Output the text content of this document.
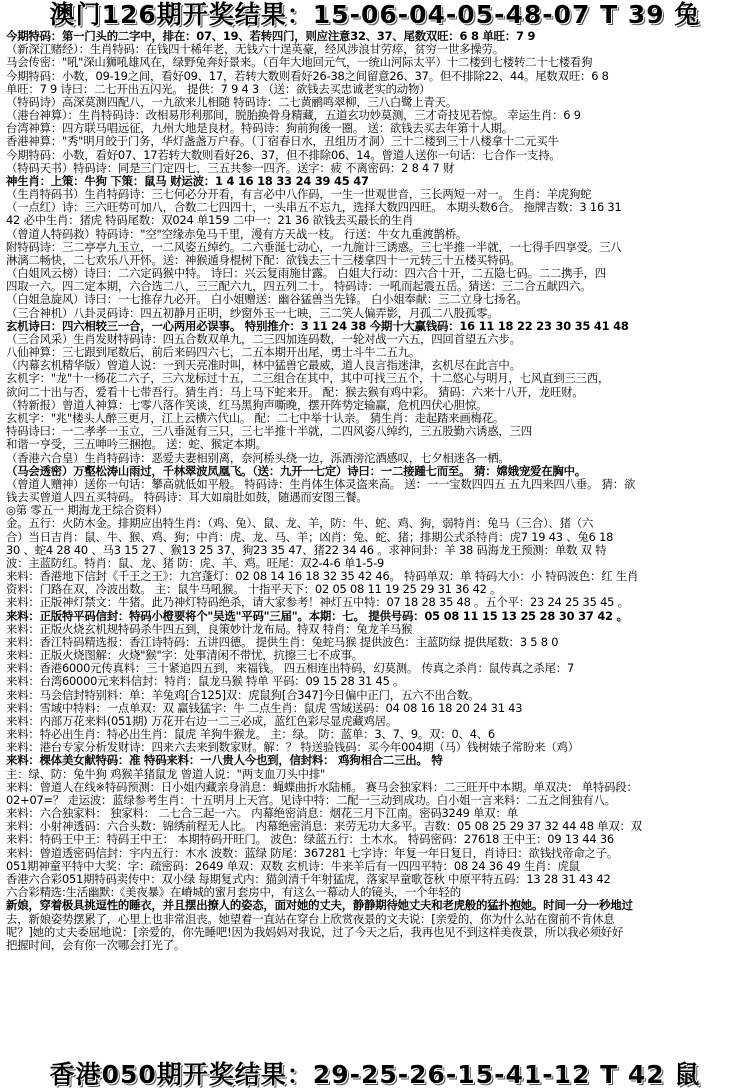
澳门126期开奖结果：15-06-04-05-48-07 T 39 兔
今期特码：第一门头的二字中，排在：07、19、若转四门，则应注意32、37、尾数双旺：6 8 单旺：7 9
（新深江赌经）：生肖特码：在钱四十稀年老，无钱六十逞英豪，经风涉浪甘劳瘁，贫穷一世多操劳。
马会传密："吼"深山狮吼雄风在，绿野兔奔好景来。（百年大地回元气，一统山河际太平）十二楼到七楼转二十七楼看狗
今期特码：小数，09-19之间，看好09、17，若转大数则看好26-38之间留意26、37。但不排除22、44。尾数双旺：6 8
单旺：7 9 诗曰：二七开出五闪光。 提供：7 9 4 3 （送：欲钱去买忠诚老实的动物）
（特码诗）高深莫测四配八，一九欲来儿相随 特码诗：二七黄鹂鸣翠柳，三八白鹭上青天。
（港台神算）：生肖特码诗：改相易形利那间，脱胎换骨身精藏，五道玄功妙莫测，三才奇技见若惊。 幸运生肖：6 9
台湾神算：四方联马唱远征，九州大地是良材。特码诗：狗前狗後一圈。 送：欲钱去买去年第十人期。
香港神算："秀"明月皎于门务，华灯盏盏万户春。（丁宿春日水，丑组历才洞）三十二楼到三十八楼拿十二元买牛
今期特码：小数，看好07、17若转大数则看好26、37，但不排除06、14。曾道人送你一句话：七合作一支持。
（特码天书）特码诗：同是三门定四七，三五共参一四齐。送字：疲 不离密码：2 8 4 7 财
神生肖：上策：牛狗 下策：鼠马 财运波：1 4 16 18 33 24 39 45 47
（生肖特码书）生肖特码诗：三七何必分开看，有言必中八作码，一生一世观世音，三长两短一对一。 生肖：羊虎狗蛇
（一点红）诗：三六旺势可加八，合数二七四四十，一头串五不忘九，选择大数四四旺。 本期头数6合。 拖牌吉数：3 16 31
42 必中生肖：猪虎 特码尾数：双024 单159 二中一：21 36 欲钱去买最长的生肖
（曾道人特码救）特码诗："空"空缘赤兔马千里，漫有方天战一枝。 行送：牛女九重渡鹊桥。
附特码诗：三二亭亭九玉立，一二风姿五绰约。二六垂涎七动心，一九施计三诱惑。三七半推一半就，一七得手四享受。三八
淋漓二畅快，二七欢乐八开怀。送：神猴遁身棍树下配：欲钱去三十三楼拿四十一元转三十五楼买特码。
（白姐风云榜）诗曰：二六定码猴中特。 诗曰：兴云复雨施甘露。 白姐大行动：四六合十开，二五隐七码。二二携手，四
四取一六。四二定本期，六合选二八，三三配六九，四五列二十。 特码诗：一吼而起震五岳。猜送：三二合五献四六。
（白姐急旋风）诗曰：一七推存九必开。 白小姐赠送：幽谷猛兽当先锋。 白小姐奉献：三二立身七扬名。
（三合神机）八卦灵码诗：四五初静月正明，纱窗外玉一七映，三二笑人偏弄影，月孤二八股孤零。
玄机诗曰：四六相较三一合，一心两用必误事。 特别推介：3 11 24 38 今期十大赢钱码：16 11 18 22 23 30 35 41 48
（三合风采）生肖发财特码诗：四五合数双单九，二三四加连码数，一轮对战一六五，四回首望五六步。
八仙神算：三七跟到尾数后，前后来码四六七，二五本期开出尾，勇士斗牛二五九。
（内幕玄机精华版）曾道人说：一到天亮准时叫，林中猛兽它最威，道人良言指迷津，玄机尽在此言中。
玄机字："龙"十一杨花二六子，三六龙标过十五，二三组合在其中，其中可找三五个，十二悠心与明月，七风直到三三西，
欲问二十出与否，爱看十七带吾行。猜生肖：马上马下蛇来开。 配：猴去猴有鸡中彩。 猜码：六来十八开，龙旺财。
（特新报）曾道人神算：七零八落作笑谈，红马黑狗声嘶晚，摆开阵势定输赢，危机四伏心胆惊。
玄机字："兆"楼头人醉三更月，江上云横六代山。 配：二七中举十认亲。 猜生肖：走起踏来画梅花。
特码诗曰：一二孝孝一玉立，三八垂涎有三只，三七半推十半就，二四风姿八绰约，三五股勤六诱惑，三四
和谐一亨受，三五呻吟三捆抱。 送：蛇、猴定本期。
（香港六合皇）生肖特码诗：恶爱夫妻相别离，奈河桥头绕一边，泺酒滂沱酒感叹，七夕相迷各一栖。
（马会透密）万壑松涛山雨过，千林翠波凤凰飞。（送：九开一七定）诗曰：一二接踵七而至。 猜：嫦娥宠爱在胸中。
（曾道人赠神）送你一句话：攀高就低如平般。 特码诗：生肖体生体灵盗来高。 送：一一宝数四四五 五九四来四八垂。 猜：欲
钱去买曾道人四五买特码。 特码诗：耳大如扇肚如鼓，随遇而安图三餐。
◎第 零五一 期海龙王综合资料）
金。五行：火防木金。排期应出特生肖：（鸡、兔）、鼠、龙、羊，防：牛、蛇、鸡、狗，弱特肖：兔马（三合）、猪（六
合）当日吉肖：鼠、牛、猴、鸡、狗；中肖：虎、龙、马、羊；凶肖：兔、蛇、猪；排期公式杀特肖：虎7 19 43 、兔6 18
30 、蛇4 28 40 、马3 15 27 、猴13 25 37、狗23 35 47、猪22 34 46 。求神问卦：羊 38 码海龙王预测：单数 双 特
波：主蓝防红。特肖：鼠、龙、猪 防：虎、羊、鸡。旺尾：双2-4-6 单1-5-9
来料：香港地下信封《千王之王》：九宫蓬灯：02 08 14 16 18 32 35 42 46。 特码单双：单 特码大小：小 特码波色：红 生肖
资料：门路在双，冷波出数。 主：鼠牛马吼猴。 十指平天下：02 05 08 11 19 25 29 31 36 42 。
来料：正版神灯禁文：牛猪。此乃神灯特码绝杀，请大家参考！神灯五中特：07 18 28 35 48 。五个平：23 24 25 35 45 。
来料：正版特平码信封：特码小橙要将个"吴选"平码"三届"。本期：七。 提供号码：05 08 11 15 13 25 28 30 37 42 。
来料：正版火烧玄机规特码杀牛四五到，良策妙计龙布局。特双 特肖：兔龙羊马猴
来料：香江特码精选报：香江诗特码：五讲四德。 提供生肖：兔蛇马猴 提供波色：主蓝防绿 提供尾数：3 5 8 0
来料：正版火烧图解：火烧"猴"字：处事清闲不带忧，抗擦三七不成事。
来料：香港6000元传真料：三十紧追四五到，来福钱。 四五相连出特码，幻莫测。 传真之杀肖：鼠传真之杀尾：7
来料：台湾60000元来料信封：特肖：鼠龙马猴 特单 平码：09 15 28 31 45 。
来料：马会信封特别料：单：羊兔鸡[合125]双：虎鼠狗[合347]今日偏中正门，五六不出合数。
来料：雪域中特料：一点单双：双 赢钱猛字：牛 二点生肖：鼠虎 雪域送码：04 08 16 18 20 24 31 43
来料：内部万花来料(051期) 万花开右边一二三必成，蓝红色彩尽显虎藏鸡居。
来料：特必出生肖：特必出生肖：鼠虎 羊狗牛猴龙。 主：绿。 防：蓝单：3、7、9。双：0、4、6
来料：港台专家分析发财诗：四来六去来到数家财。解：？ 特送验钱码：买今年004期（马）钱树婊子常盼来（鸡）
来料：棵体美女献特码：准 特码来料：一八贵人今也到，信封料： 鸡狗相合二三出。 特
主：绿、防：兔牛狗 鸡猴羊猪鼠龙 曾道人说："两支血刀头中排"
来料：曾道人在线※特码预测：日小姐内藏亲身消息：蝇蝶曲折水陆桶。 赛马会独家料：二三旺开中本期。单双决： 单特码段：
02+07=？ 走运波：蓝绿参考生肖：十五明月上天宫。见诗中特：二配一三动到成功。白小姐一言来料：二五之间独有八。
来料：六合独家料： 独家料： 二七合三起一六。 内幕绝密消息：烟花三月下江南。密码3249 单双：单
来料：小射神透码：六合头数：锦绣前程无人比。 内幕绝密消息：来劳无功大多平。吉数：05 08 25 29 37 32 44 48 单双：双
来料：特码王中王：特码王中王： 本期特码开旺门。 波色：绿蓝五行：土木水。 特码密码：27618 王中王：09 13 44 36
来料：曾道透密码信封：宇内五行：木水 波数：蓝绿 防尾：367281 七字诗：年复一年日复日，肖诗曰：欲钱找帝命之子。
051期神童平特中大奖：字：疏密码：2649 单双：双数 玄机诗：牛来羊后有一四四平特：08 24 36 49 生肖：虎鼠
香港六合彩051期特码卖传中：双小绿 每期复式内：猫剑清千年射猛虎，落家早童歌苍秋 中原平特五码：13 28 31 43 42
六合彩精选:生活幽默:《美夜暴》在嵴城的蜜月套房中，有这么一幕动人的镜头，一个年轻的
新娘，穿着极具挑逗性的睡衣，并且摆出撩人的姿态，面对她的丈夫，静静期待她丈夫和老虎般的猛扑抱她。时间一分一秒地过
去，新娘姿势摆累了，心里上也非常沮丧。她望着一直站在穿台上欣赏夜景的文夫说：[亲爱的，你为什么站在窗前不肯休息
呢？]她的丈夫委屈地说：[亲爱的，你先睡吧!因为我妈妈对我说，过了今天之后，我再也见不到这样美夜景，所以我必须好好
把握时间，会有你一次哪会打光了。
香港050期开奖结果：29-25-26-15-41-12 T 42 鼠
